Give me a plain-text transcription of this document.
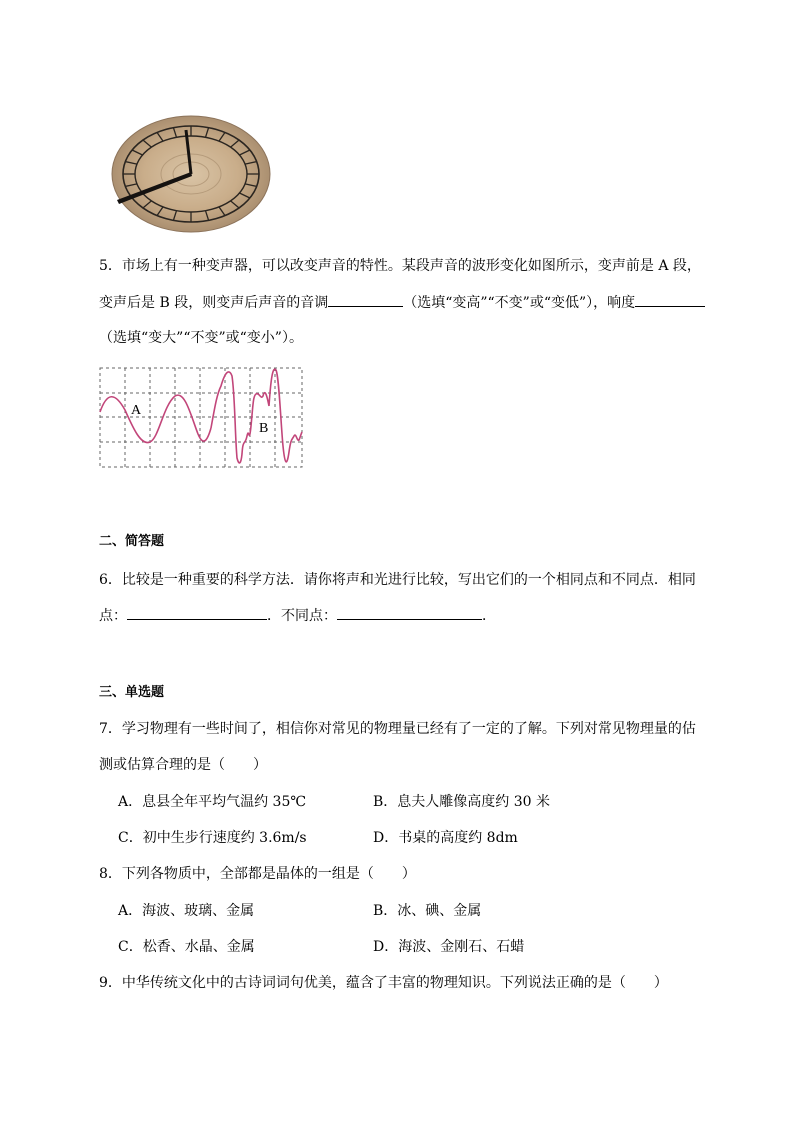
5．市场上有一种变声器，可以改变声音的特性。某段声音的波形变化如图所示，变声前是 A 段，
变声后是 B 段，则变声后声音的音调	（选填“变高”“不变”或“变低”），响度
（选填“变大”“不变”或“变小”）。
A
B
二、简答题
6．比较是一种重要的科学方法．请你将声和光进行比较，写出它们的一个相同点和不同点．相同
点：	．不同点：	．
三、单选题
7．学习物理有一些时间了，相信你对常见的物理量已经有了一定的了解。下列对常见物理量的估
测或估算合理的是（　　）
A．息县全年平均气温约 35℃	B．息夫人雕像高度约 30 米
C．初中生步行速度约 3.6m/s	D．书桌的高度约 8dm
8．下列各物质中，全部都是晶体的一组是（　　）
A．海波、玻璃、金属	B．冰、碘、金属
C．松香、水晶、金属	D．海波、金刚石、石蜡
9．中华传统文化中的古诗词词句优美，蕴含了丰富的物理知识。下列说法正确的是（　　）
